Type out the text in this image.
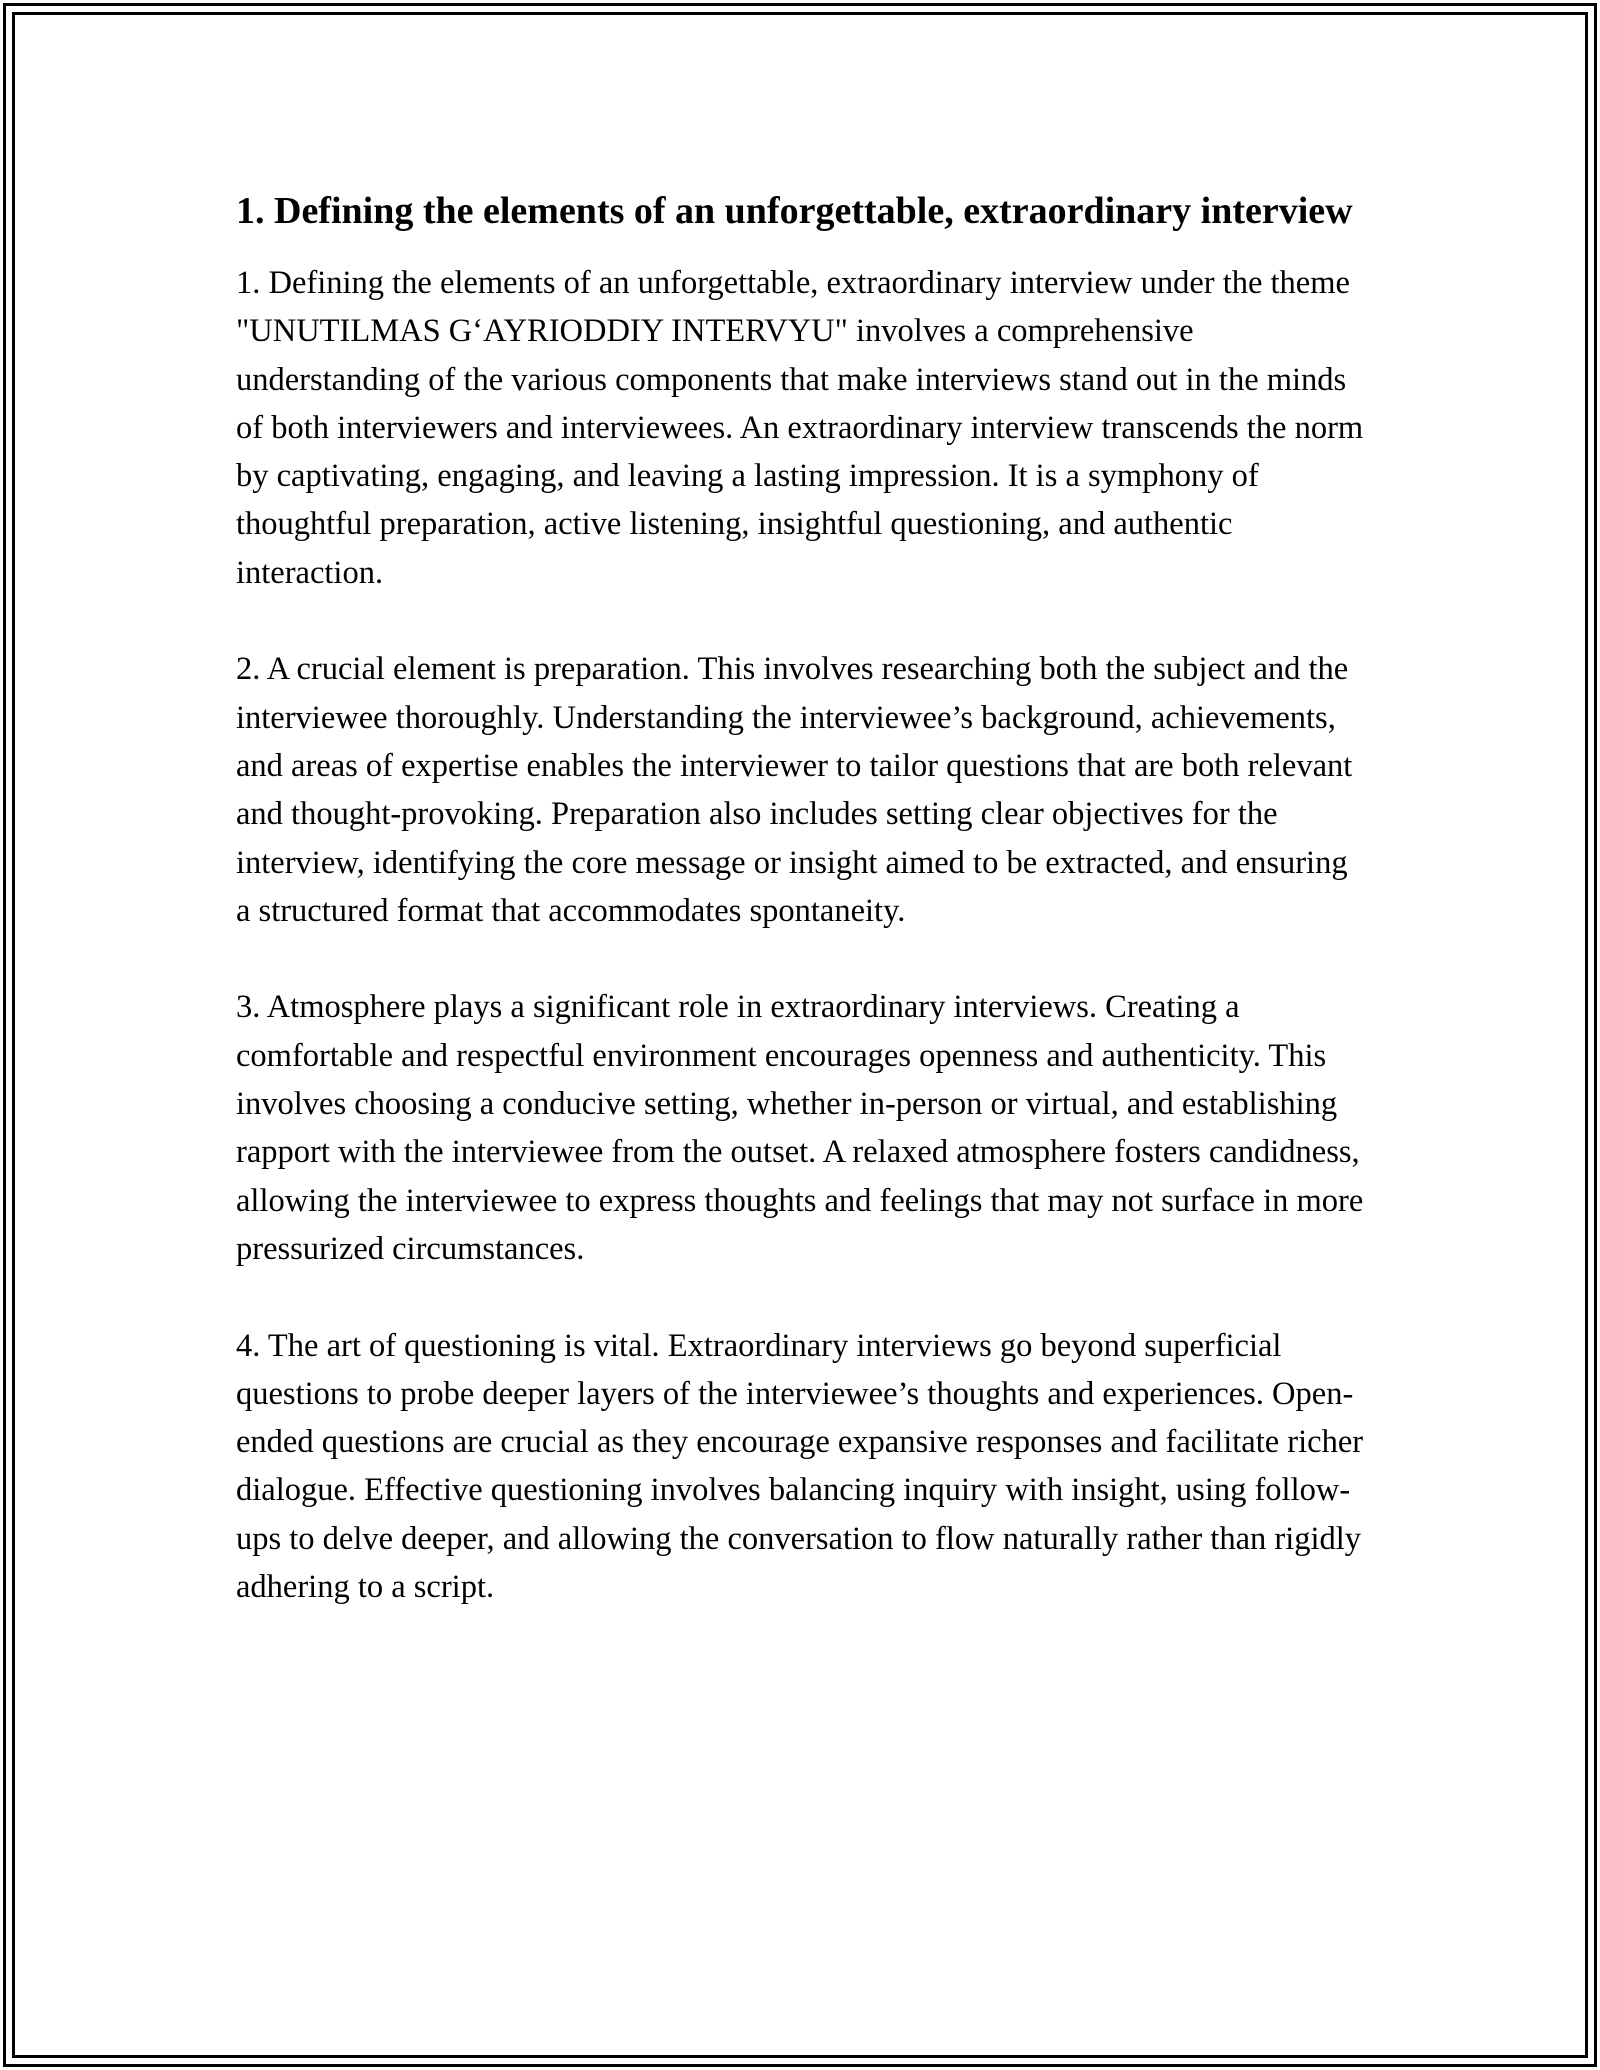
1. Defining the elements of an unforgettable, extraordinary interview

1. Defining the elements of an unforgettable, extraordinary interview under the theme "UNUTILMAS G‘AYRIODDIY INTERVYU" involves a comprehensive understanding of the various components that make interviews stand out in the minds of both interviewers and interviewees. An extraordinary interview transcends the norm by captivating, engaging, and leaving a lasting impression. It is a symphony of thoughtful preparation, active listening, insightful questioning, and authentic interaction.

2. A crucial element is preparation. This involves researching both the subject and the interviewee thoroughly. Understanding the interviewee’s background, achievements, and areas of expertise enables the interviewer to tailor questions that are both relevant and thought-provoking. Preparation also includes setting clear objectives for the interview, identifying the core message or insight aimed to be extracted, and ensuring a structured format that accommodates spontaneity.

3. Atmosphere plays a significant role in extraordinary interviews. Creating a comfortable and respectful environment encourages openness and authenticity. This involves choosing a conducive setting, whether in-person or virtual, and establishing rapport with the interviewee from the outset. A relaxed atmosphere fosters candidness, allowing the interviewee to express thoughts and feelings that may not surface in more pressurized circumstances.

4. The art of questioning is vital. Extraordinary interviews go beyond superficial questions to probe deeper layers of the interviewee’s thoughts and experiences. Open-ended questions are crucial as they encourage expansive responses and facilitate richer dialogue. Effective questioning involves balancing inquiry with insight, using follow-ups to delve deeper, and allowing the conversation to flow naturally rather than rigidly adhering to a script.
